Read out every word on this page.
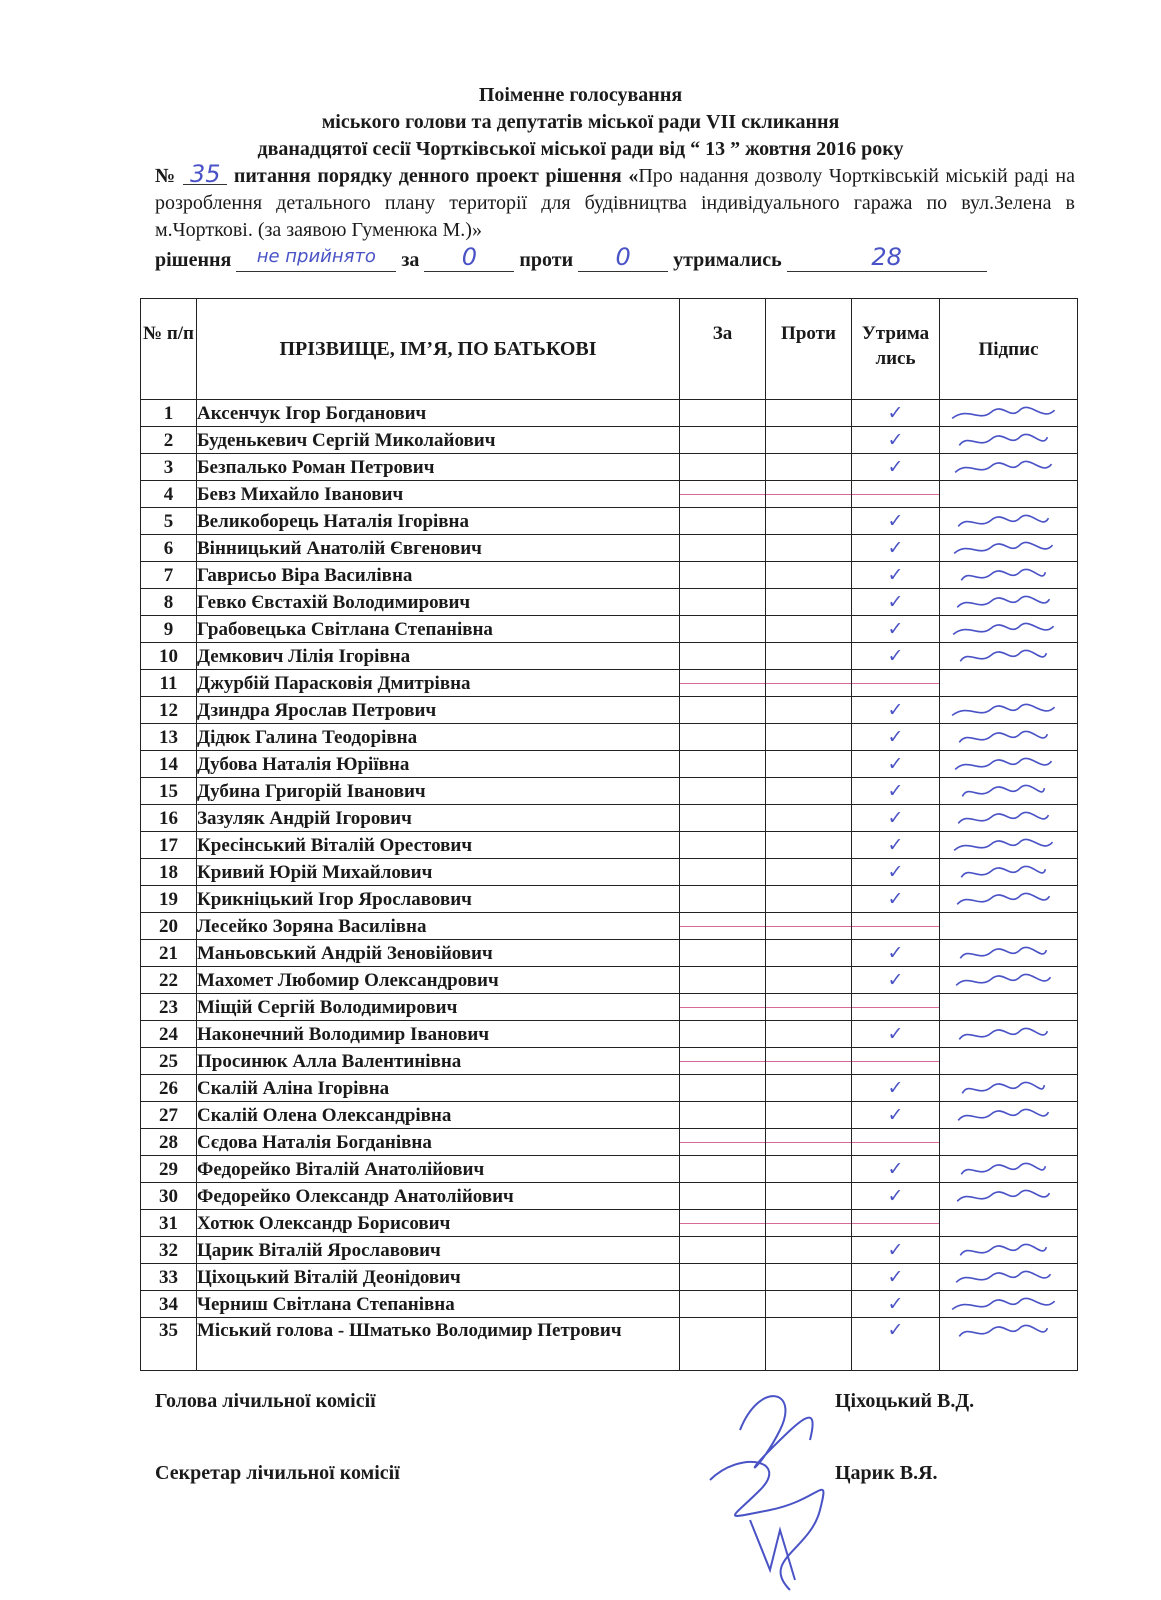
Поіменне голосування
міського голови та депутатів міської ради VII скликання
дванадцятої сесії Чортківської міської ради від “ 13 ” жовтня 2016 року
№ 35 питання порядку денного проект рішення «Про надання дозволу Чортківській міській раді на розроблення детального плану території для будівництва індивідуального гаража по вул.Зелена в м.Чорткові. (за заявою Гуменюка М.)»
рішення не прийнято за 0 проти 0 утримались	28
№ п/п	ПРІЗВИЩЕ, ІМ’Я, ПО БАТЬКОВІ	За	Проти	Утрима лись	Підпис
1	Аксенчук Ігор Богданович			✓	

2	Буденькевич Сергій Миколайович			✓	

3	Безпалько Роман Петрович			✓	

4	Бевз Михайло Іванович	

5	Великоборець Наталія Ігорівна			✓	

6	Вінницький Анатолій Євгенович			✓	

7	Гаврисьо Віра Василівна			✓	

8	Гевко Євстахій Володимирович			✓	

9	Грабовецька Світлана Степанівна			✓	

10	Демкович Лілія Ігорівна			✓	

11	Джурбій Парасковія Дмитрівна	

12	Дзиндра Ярослав Петрович			✓	

13	Дідюк Галина Теодорівна			✓	

14	Дубова Наталія Юріївна			✓	

15	Дубина Григорій Іванович			✓	

16	Зазуляк Андрій Ігорович			✓	

17	Кресінський Віталій Орестович			✓	

18	Кривий Юрій Михайлович			✓	

19	Крикніцький Ігор Ярославович			✓	

20	Лесейко Зоряна Василівна	

21	Маньовський Андрій Зеновійович			✓	

22	Махомет Любомир Олександрович			✓	

23	Міщій Сергій Володимирович	

24	Наконечний Володимир Іванович			✓	

25	Просинюк Алла Валентинівна	

26	Скалій Аліна Ігорівна			✓	

27	Скалій Олена Олександрівна			✓	

28	Сєдова Наталія Богданівна	

29	Федорейко Віталій Анатолійович			✓	

30	Федорейко Олександр Анатолійович			✓	

31	Хотюк Олександр Борисович	

32	Царик Віталій Ярославович			✓	

33	Ціхоцький Віталій Деонідович			✓	

34	Черниш Світлана Степанівна			✓	

35	Міський голова - Шматько Володимир Петрович			✓	
Голова лічильної комісії	Ціхоцький В.Д.
Секретар лічильної комісії	Царик В.Я.
